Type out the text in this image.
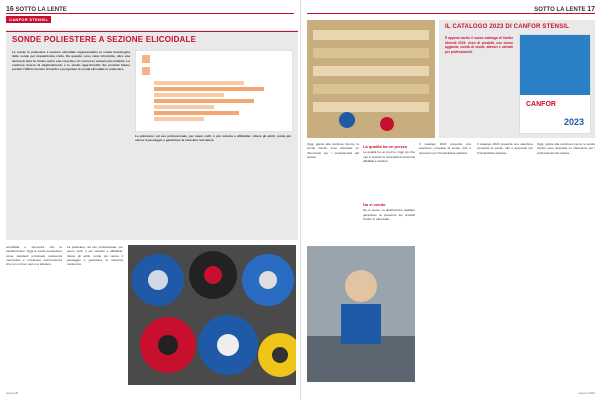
16 SOTTO LA LENTE
CANFOR STENSIL
SONDE POLIESTERE A SEZIONE ELICOIDALE

Le sonde in poliestere a sezione elicoidale rappresentano la svolta tecnologica delle sonde per impiantistica civile. Da quando sono state introdotte, oltre una decina di anni fa, hanno avuto una crescita e un successo sempre più evidente. La continua ricerca di miglioramento e lo studio approfondito dei prodotti hanno portato l'ufficio tecnico di Canfor a progettare la sonda elicoidale in poliestere.

La poliestere, ad uso professionale, per opere civili, è più robusta e affidabile: riduce gli attriti, rende più veloce il passaggio e garantisce la massima resistenza.

sensibilità e sicurezza che le caratterizzano. Oggi le sonde possiedono come standard un'elevata resistenza meccanica e un'elevata scorrevolezza che non rovina i cavi e le tubature.

La poliestere, ad uso professionale, per opere civili, è più robusta e affidabile: riduce gli attriti, rende più veloce il passaggio e garantisce la massima resistenza.

www.edit
SOTTO LA LENTE 17
IL CATALOGO 2023 DI CANFOR STENSIL

È appena uscito il nuovo catalogo di Canfor Utensili 2023: ricco di prodotti, con nuove aggiunte, novità di sonde, attrezzi e utensili per professionisti.

CANFOR
2023

Oggi, grazie alla continua ricerca, le sonde Canfor sono diventate un riferimento per i professionisti del settore.

La qualità ha un prezzo

La qualità ha un prezzo. Oggi più che mai si avverte la necessità di strumenti affidabili e duraturi.

Il catalogo 2023 presenta una selezione completa di sonde, tubi e accessori per l'impiantistica elettrica.

Il catalogo 2023 presenta una selezione completa di sonde, tubi e accessori per l'impiantistica elettrica.

Oggi, grazie alla continua ricerca, le sonde Canfor sono diventate un riferimento per i professionisti del settore.

Da vi vendo

Da vi vendo. La distribuzione capillare garantisce la presenza dei prodotti Canfor in tutta Italia.

agosto 2023
